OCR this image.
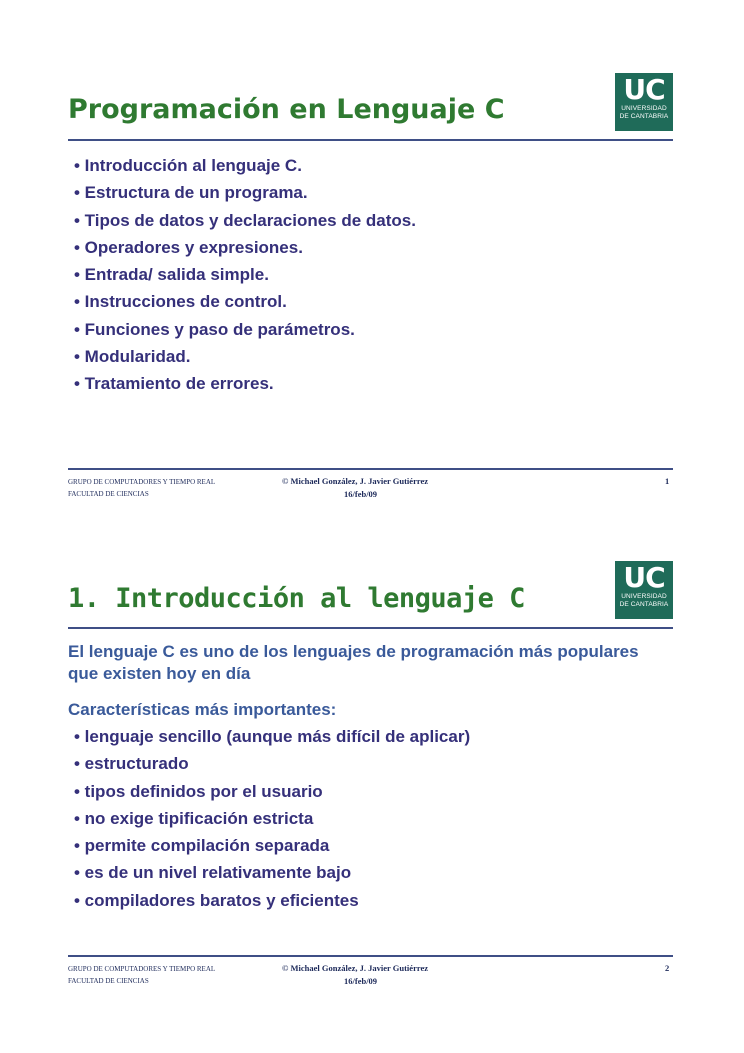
Programación en Lenguaje C
UC
UNIVERSIDAD
DE CANTABRIA
• Introducción al lenguaje C.
• Estructura de un programa.
• Tipos de datos y declaraciones de datos.
• Operadores y expresiones.
• Entrada/ salida simple.
• Instrucciones de control.
• Funciones y paso de parámetros.
• Modularidad.
• Tratamiento de errores.
GRUPO DE COMPUTADORES Y TIEMPO REAL
FACULTAD DE CIENCIAS
© Michael González, J. Javier Gutiérrez
16/feb/09
1
1. Introducción al lenguaje C
UC
UNIVERSIDAD
DE CANTABRIA

El lenguaje C es uno de los lenguajes de programación más populares que existen hoy en día

Características más importantes:

• lenguaje sencillo (aunque más difícil de aplicar)
• estructurado
• tipos definidos por el usuario
• no exige tipificación estricta
• permite compilación separada
• es de un nivel relativamente bajo
• compiladores baratos y eficientes
GRUPO DE COMPUTADORES Y TIEMPO REAL
FACULTAD DE CIENCIAS
© Michael González, J. Javier Gutiérrez
16/feb/09
2
